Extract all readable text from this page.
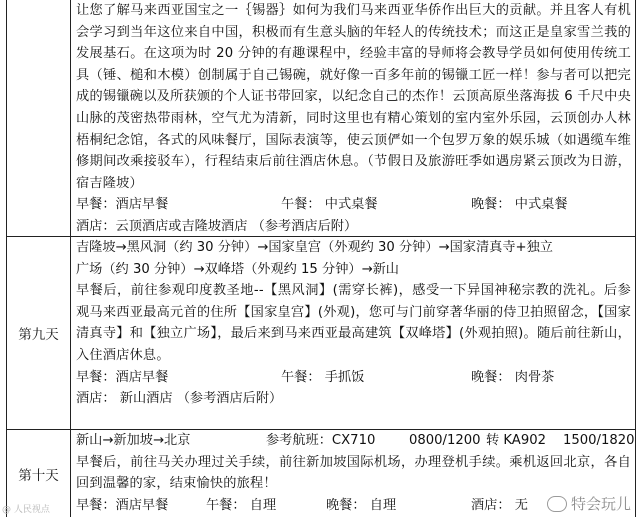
让您了解马来西亚国宝之一｛锡器｝如何为我们马来西亚华侨作出巨大的贡献。并且客人有机会学习到当年这位来自中国，积极而有生意头脑的年轻人的传统技术；而这正是皇家雪兰莪的发展基石。在这项为时 20 分钟的有趣课程中，经验丰富的导师将会教导学员如何使用传统工具（锤、槌和木模）创制属于自己锡碗，就好像一百多年前的锡镴工匠一样！参与者可以把完成的锡镴碗以及所获颁的个人证书带回家，以纪念自己的杰作！云顶高原坐落海拔 6 千尺中央山脉的茂密热带雨林，空气尤为清新，同时这里也有精心策划的室内室外乐园，云顶创办人林梧桐纪念馆，各式的风味餐厅，国际表演等，使云顶俨如一个包罗万象的娱乐城（如遇缆车维修期间改乘接驳车），行程结束后前往酒店休息。（节假日及旅游旺季如遇房紧云顶改为日游，宿吉隆坡）
早餐：酒店早餐	午餐： 中式桌餐	晚餐： 中式桌餐
酒店：云顶酒店或吉隆坡酒店 （参考酒店后附）
第九天
吉隆坡→黑风洞（约 30 分钟）→国家皇宫（外观约 30 分钟）→国家清真寺+独立
广场（约 30 分钟）→双峰塔（外观约 15 分钟）→新山
早餐后，前往参观印度教圣地--【黑风洞】(需穿长裤)，感受一下异国神秘宗教的洗礼。后参观马来西亚最高元首的住所【国家皇宫】(外观)，您可与门前穿著华丽的侍卫拍照留念，【国家清真寺】和【独立广场】，最后来到马来西亚最高建筑【双峰塔】(外观拍照)。随后前往新山，入住酒店休息。
早餐：酒店早餐	午餐： 手抓饭	晚餐： 肉骨茶
酒店： 新山酒店 （参考酒店后附）
第十天
新山→新加坡→北京	参考航班：CX710	0800/1200 转 KA902 1500/1820
早餐后，前往马关办理过关手续，前往新加坡国际机场，办理登机手续。乘机返回北京，各自回到温馨的家，结束愉快的旅程！
早餐：酒店早餐	午餐： 自理	晚餐： 自理	酒店： 无
@ 人民视点	特会玩儿
